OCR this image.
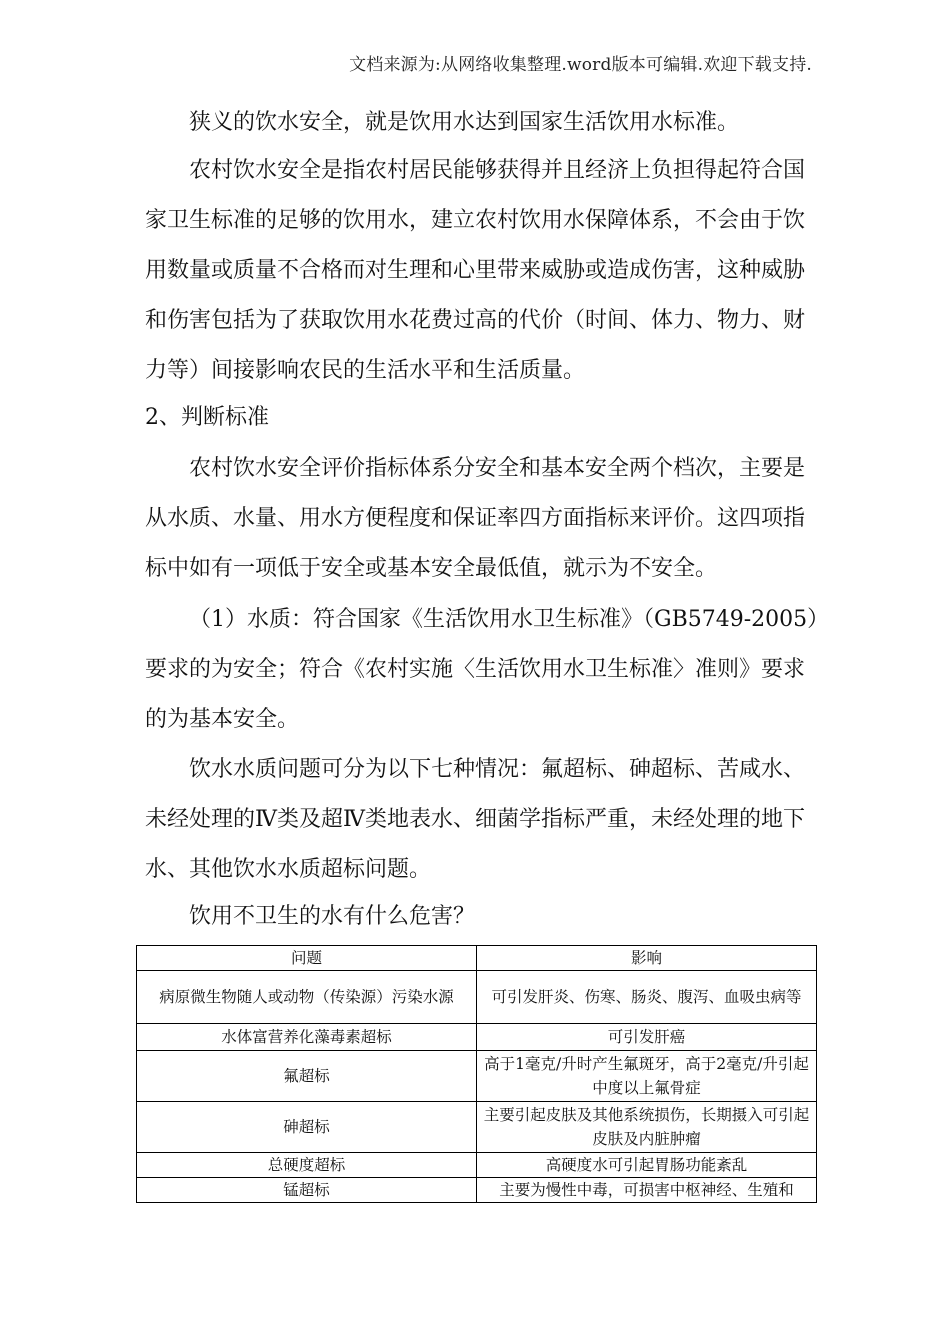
文档来源为:从网络收集整理.word版本可编辑.欢迎下载支持.

狭义的饮水安全，就是饮用水达到国家生活饮用水标准。

农村饮水安全是指农村居民能够获得并且经济上负担得起符合国家卫生标准的足够的饮用水，建立农村饮用水保障体系，不会由于饮用数量或质量不合格而对生理和心里带来威胁或造成伤害，这种威胁和伤害包括为了获取饮用水花费过高的代价（时间、体力、物力、财力等）间接影响农民的生活水平和生活质量。

2、判断标准

农村饮水安全评价指标体系分安全和基本安全两个档次，主要是从水质、水量、用水方便程度和保证率四方面指标来评价。这四项指标中如有一项低于安全或基本安全最低值，就示为不安全。

（1）水质：符合国家《生活饮用水卫生标准》（GB5749-2005）要求的为安全；符合《农村实施〈生活饮用水卫生标准〉准则》要求的为基本安全。

饮水水质问题可分为以下七种情况：氟超标、砷超标、苦咸水、未经处理的Ⅳ类及超Ⅳ类地表水、细菌学指标严重，未经处理的地下水、其他饮水水质超标问题。

饮用不卫生的水有什么危害？

问题	影响
病原微生物随人或动物（传染源）污染水源	可引发肝炎、伤寒、肠炎、腹泻、血吸虫病等
水体富营养化藻毒素超标	可引发肝癌
氟超标	高于1毫克/升时产生氟斑牙，高于2毫克/升引起中度以上氟骨症
砷超标	主要引起皮肤及其他系统损伤，长期摄入可引起皮肤及内脏肿瘤
总硬度超标	高硬度水可引起胃肠功能紊乱
锰超标	主要为慢性中毒，可损害中枢神经、生殖和
